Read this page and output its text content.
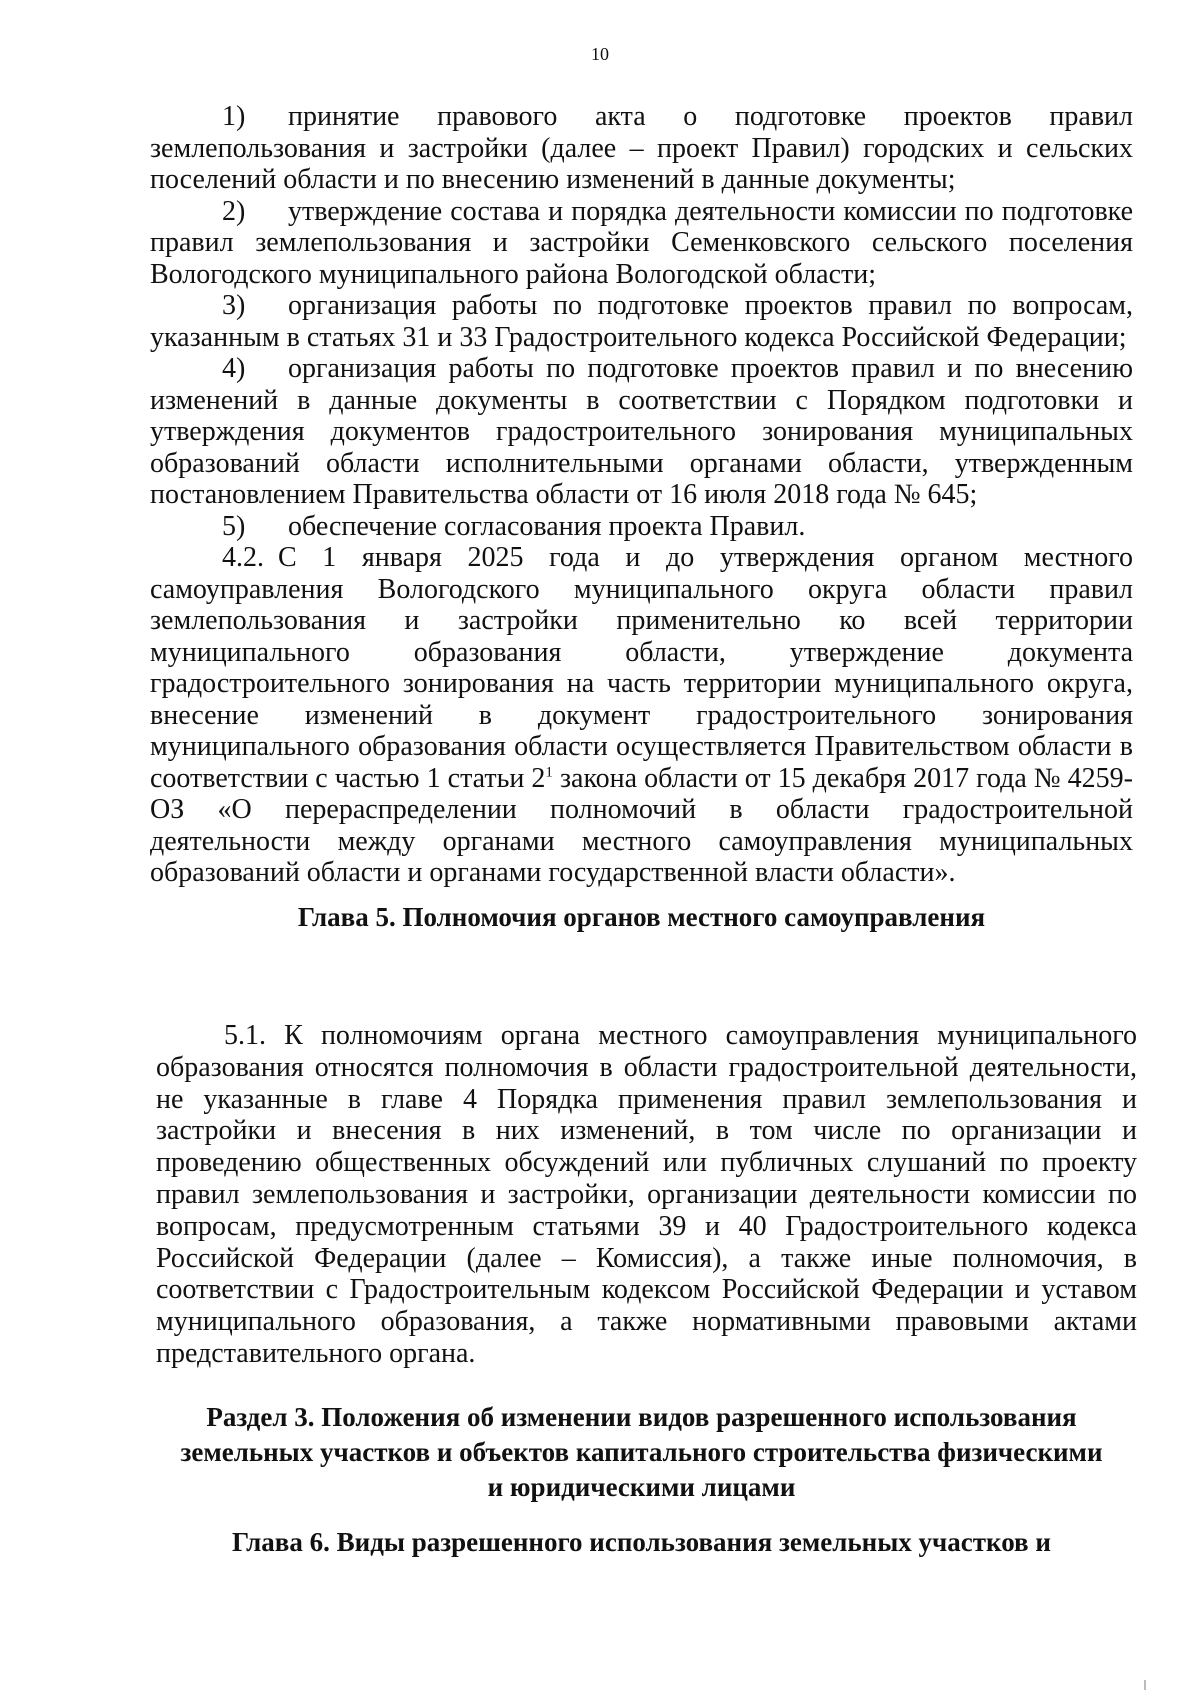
10

1) принятие правового акта о подготовке проектов правил землепользования и застройки (далее – проект Правил) городских и сельских поселений области и по внесению изменений в данные документы;

2) утверждение состава и порядка деятельности комиссии по подготовке правил землепользования и застройки Семенковского сельского поселения Вологодского муниципального района Вологодской области;

3) организация работы по подготовке проектов правил по вопросам, указанным в статьях 31 и 33 Градостроительного кодекса Российской Федерации;

4) организация работы по подготовке проектов правил и по внесению изменений в данные документы в соответствии с Порядком подготовки и утверждения документов градостроительного зонирования муниципальных образований области исполнительными органами области, утвержденным постановлением Правительства области от 16 июля 2018 года № 645;

5) обеспечение согласования проекта Правил.

4.2. С 1 января 2025 года и до утверждения органом местного самоуправления Вологодского муниципального округа области правил землепользования и застройки применительно ко всей территории муниципального образования области, утверждение документа градостроительного зонирования на часть территории муниципального округа, внесение изменений в документ градостроительного зонирования муниципального образования области осуществляется Правительством области в соответствии с частью 1 статьи $2^1$ закона области от 15 декабря 2017 года № 4259-ОЗ «О перераспределении полномочий в области градостроительной деятельности между органами местного самоуправления муниципальных образований области и органами государственной власти области».

Глава 5. Полномочия органов местного самоуправления

5.1. К полномочиям органа местного самоуправления муниципального образования относятся полномочия в области градостроительной деятельности, не указанные в главе 4 Порядка применения правил землепользования и застройки и внесения в них изменений, в том числе по организации и проведению общественных обсуждений или публичных слушаний по проекту правил землепользования и застройки, организации деятельности комиссии по вопросам, предусмотренным статьями 39 и 40 Градостроительного кодекса Российской Федерации (далее – Комиссия), а также иные полномочия, в соответствии с Градостроительным кодексом Российской Федерации и уставом муниципального образования, а также нормативными правовыми актами представительного органа.

Раздел 3. Положения об изменении видов разрешенного использования
земельных участков и объектов капитального строительства физическими
и юридическими лицами
Глава 6. Виды разрешенного использования земельных участков и
